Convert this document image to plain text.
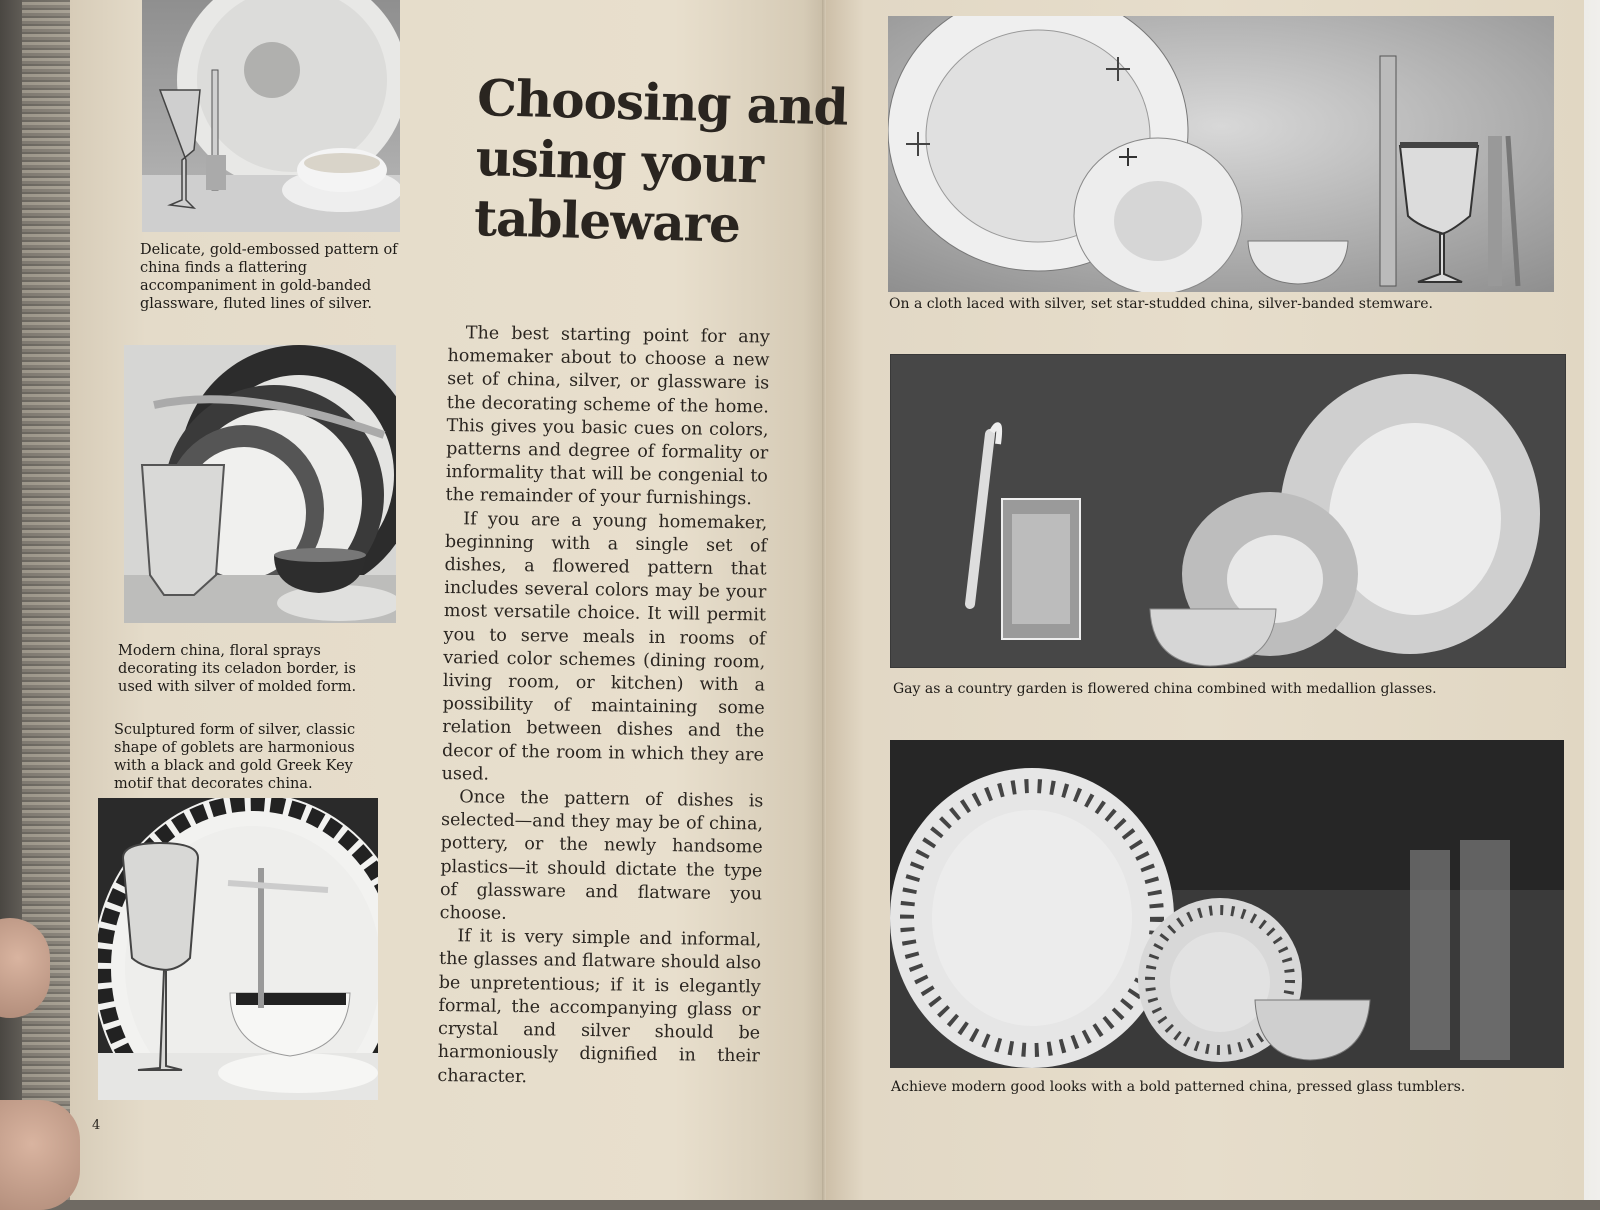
Delicate, gold-embossed pattern of china finds a flattering accompaniment in gold-banded glassware, fluted lines of silver.
Modern china, floral sprays decorating its celadon border, is used with silver of molded form.
Sculptured form of silver, classic shape of goblets are harmonious with a black and gold Greek Key motif that decorates china.
Choosing and
using your
tableware

The best starting point for any homemaker about to choose a new set of china, silver, or glassware is the decorating scheme of the home. This gives you basic cues on colors, patterns and degree of formality or informality that will be congenial to the remainder of your furnishings.

If you are a young homemaker, beginning with a single set of dishes, a flowered pattern that includes several colors may be your most versatile choice. It will permit you to serve meals in rooms of varied color schemes (dining room, living room, or kitchen) with a possibility of maintaining some relation between dishes and the decor of the room in which they are used.

Once the pattern of dishes is selected—and they may be of china, pottery, or the newly handsome plastics—it should dictate the type of glassware and flatware you choose.

If it is very simple and informal, the glasses and flatware should also be unpretentious; if it is elegantly formal, the accompanying glass or crystal and silver should be harmoniously dignified in their character.

4
On a cloth laced with silver, set star-studded china, silver-banded stemware.
Gay as a country garden is flowered china combined with medallion glasses.
Achieve modern good looks with a bold patterned china, pressed glass tumblers.
